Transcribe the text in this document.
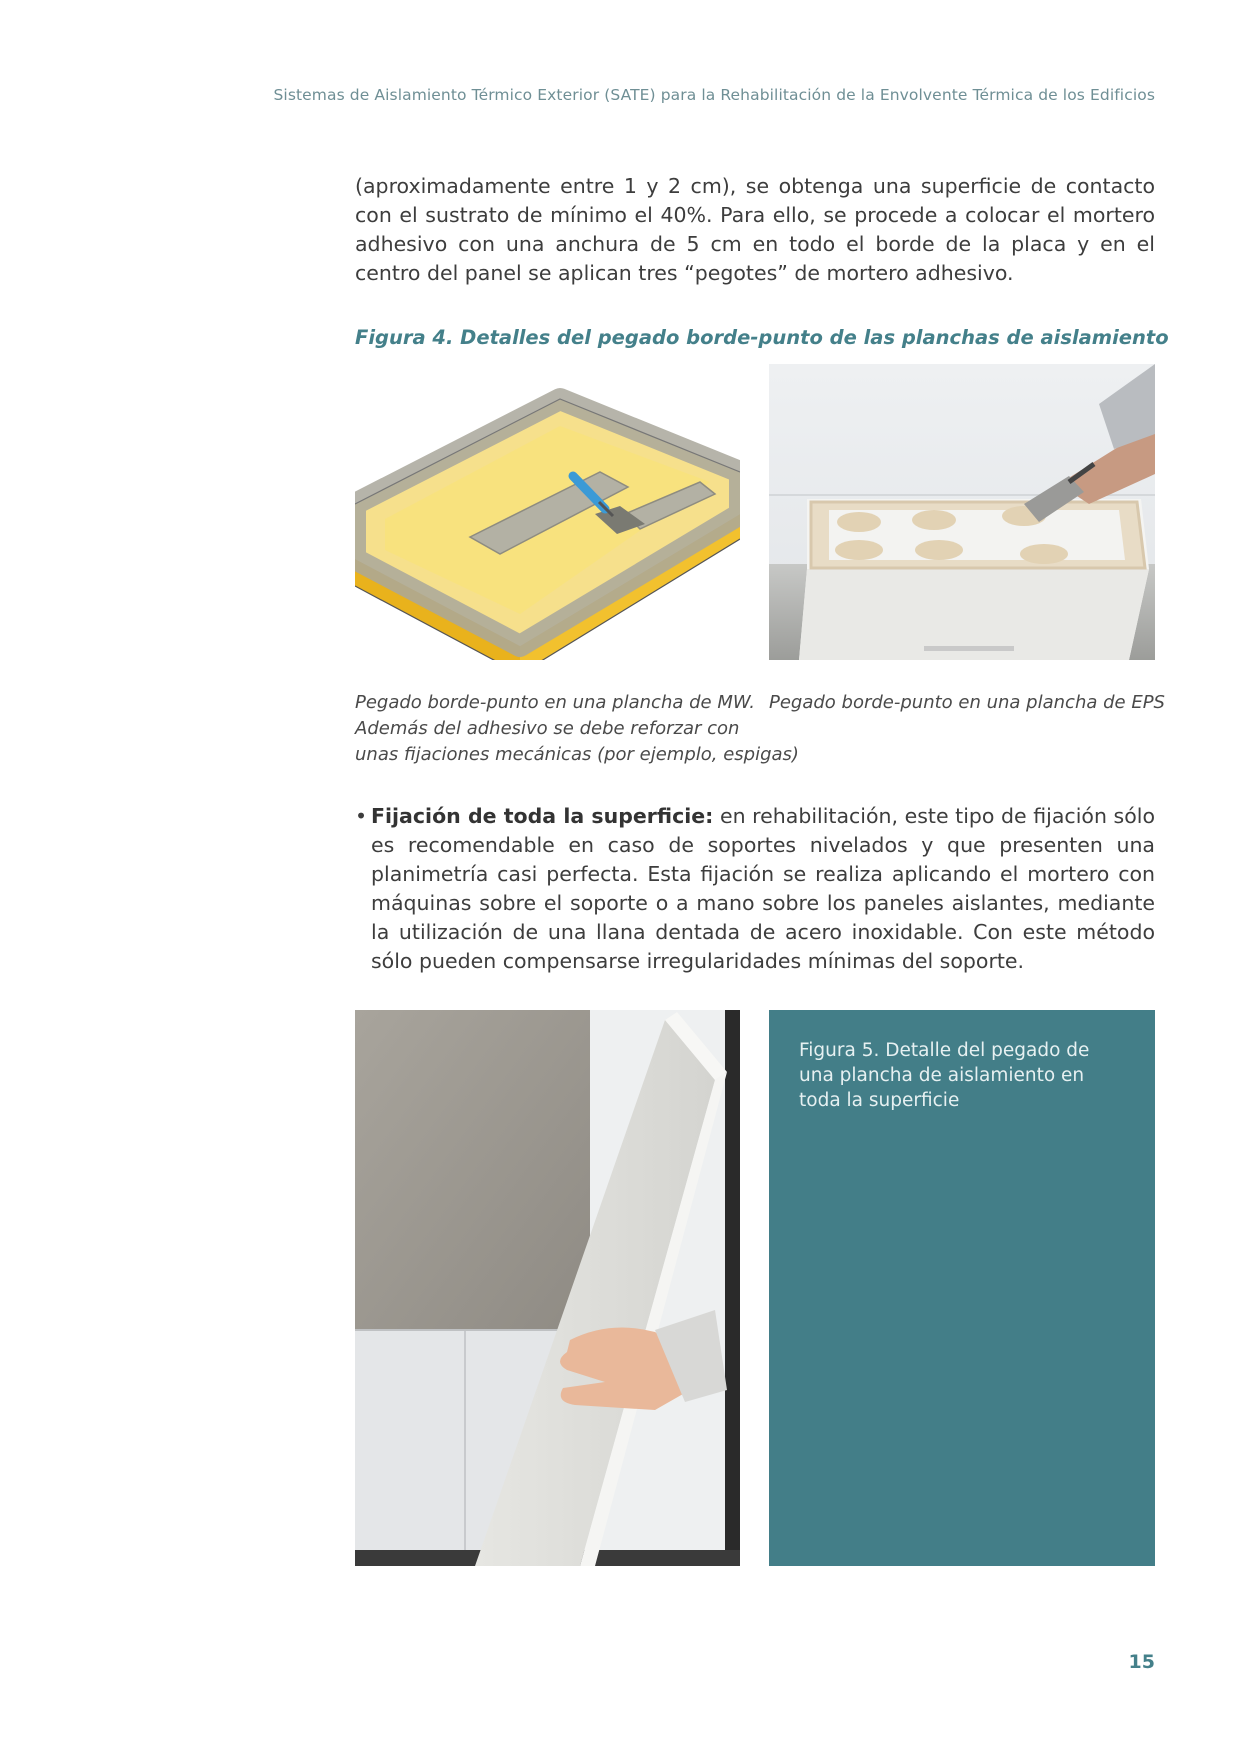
Sistemas de Aislamiento Térmico Exterior (SATE) para la Rehabilitación de la Envolvente Térmica de los Edificios

(aproximadamente entre 1 y 2 cm), se obtenga una superficie de contacto con el sustrato de mínimo el 40%. Para ello, se procede a colocar el mortero adhesivo con una anchura de 5 cm en todo el borde de la placa y en el centro del panel se aplican tres “pegotes” de mortero adhesivo.

Figura 4. Detalles del pegado borde-punto de las planchas de aislamiento
Pegado borde-punto en una plancha de MW.
Además del adhesivo se debe reforzar con
unas fijaciones mecánicas (por ejemplo, espigas)
Pegado borde-punto en una plancha de EPS
• Fijación de toda la superficie: en rehabilitación, este tipo de fijación sólo es recomendable en caso de soportes nivelados y que presenten una planimetría casi perfecta. Esta fijación se realiza aplicando el mortero con máquinas sobre el soporte o a mano sobre los paneles aislantes, mediante la utilización de una llana dentada de acero inoxidable. Con este método sólo pueden compensarse irregularidades mínimas del soporte.

Figura 5. Detalle del pegado de una plancha de aislamiento en toda la superficie

15
